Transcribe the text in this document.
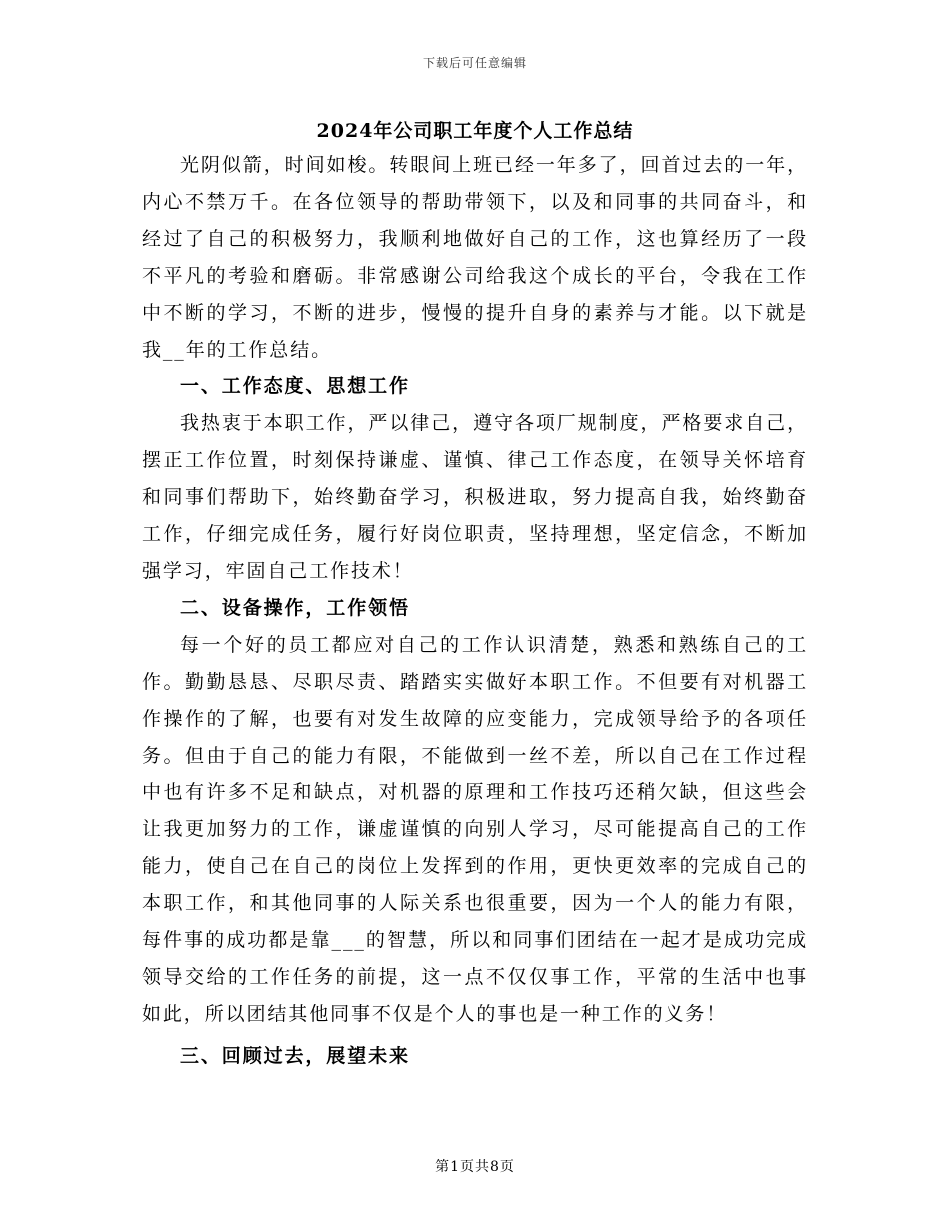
下载后可任意编辑
2024年公司职工年度个人工作总结

光阴似箭，时间如梭。转眼间上班已经一年多了，回首过去的一年，内心不禁万千。在各位领导的帮助带领下，以及和同事的共同奋斗，和经过了自己的积极努力，我顺利地做好自己的工作，这也算经历了一段不平凡的考验和磨砺。非常感谢公司给我这个成长的平台，令我在工作中不断的学习，不断的进步，慢慢的提升自身的素养与才能。以下就是我__年的工作总结。

一、工作态度、思想工作

我热衷于本职工作，严以律己，遵守各项厂规制度，严格要求自己，摆正工作位置，时刻保持谦虚、谨慎、律己工作态度，在领导关怀培育和同事们帮助下，始终勤奋学习，积极进取，努力提高自我，始终勤奋工作，仔细完成任务，履行好岗位职责，坚持理想，坚定信念，不断加强学习，牢固自己工作技术！

二、设备操作，工作领悟

每一个好的员工都应对自己的工作认识清楚，熟悉和熟练自己的工作。勤勤恳恳、尽职尽责、踏踏实实做好本职工作。不但要有对机器工作操作的了解，也要有对发生故障的应变能力，完成领导给予的各项任务。但由于自己的能力有限，不能做到一丝不差，所以自己在工作过程中也有许多不足和缺点，对机器的原理和工作技巧还稍欠缺，但这些会让我更加努力的工作，谦虚谨慎的向别人学习，尽可能提高自己的工作能力，使自己在自己的岗位上发挥到的作用，更快更效率的完成自己的本职工作，和其他同事的人际关系也很重要，因为一个人的能力有限，每件事的成功都是靠___的智慧，所以和同事们团结在一起才是成功完成领导交给的工作任务的前提，这一点不仅仅事工作，平常的生活中也事如此，所以团结其他同事不仅是个人的事也是一种工作的义务！

三、回顾过去，展望未来

第1页共8页
